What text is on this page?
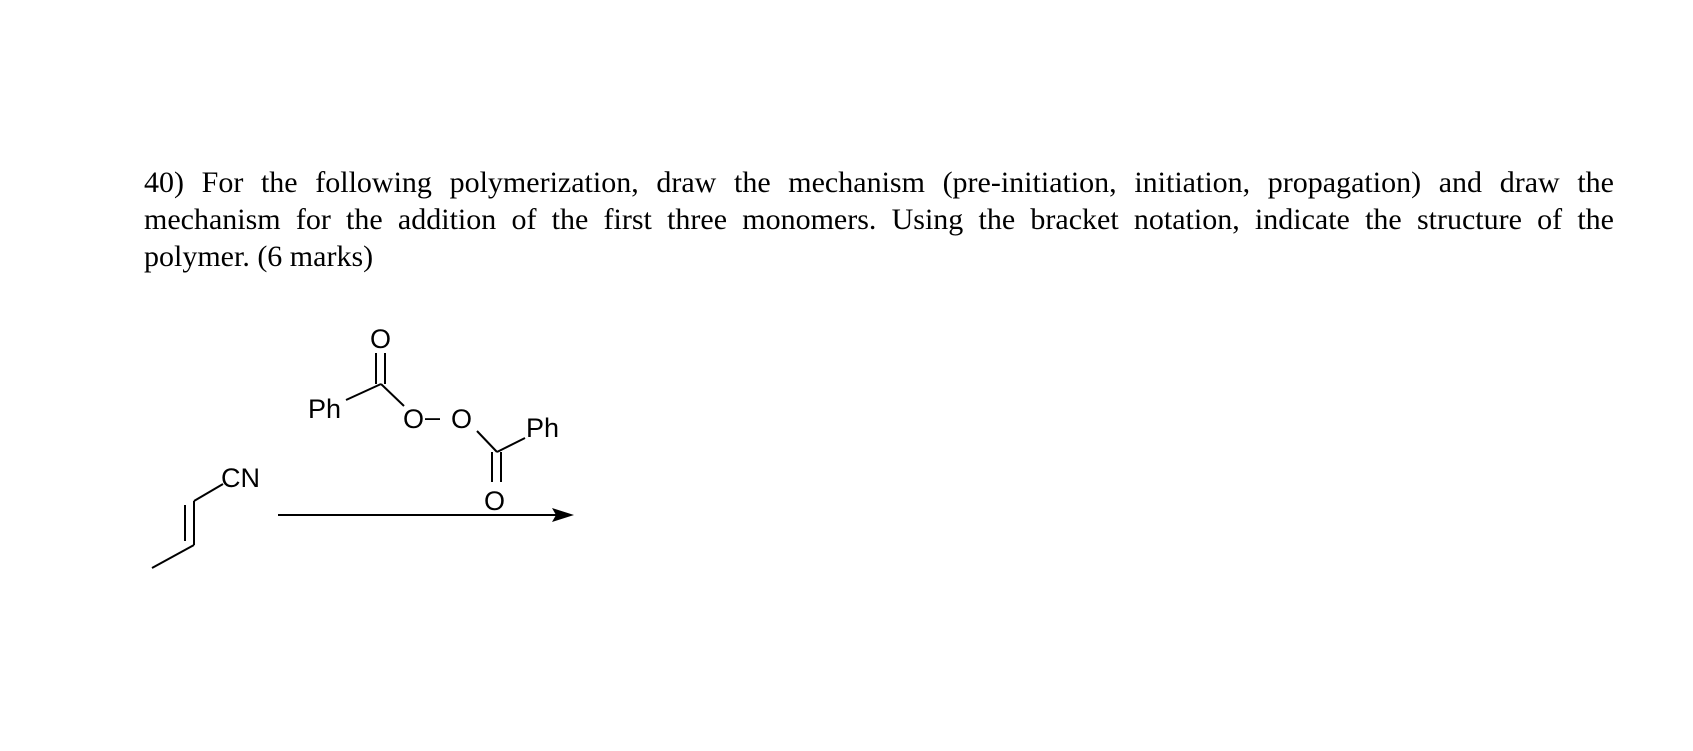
40) For the following polymerization, draw the mechanism (pre-initiation, initiation, propagation) and draw the
mechanism for the addition of the first three monomers. Using the bracket notation, indicate the structure of the
polymer. (6 marks)
Ph
O
O – O Ph
O
CN
